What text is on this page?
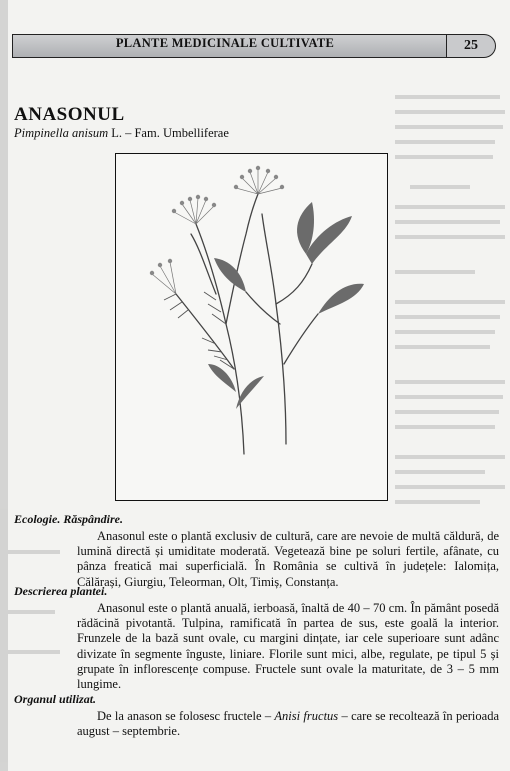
PLANTE MEDICINALE CULTIVATE	25
ANASONUL
Pimpinella anisum L. – Fam. Umbelliferae
Ecologie. Răspândire.
Anasonul este o plantă exclusiv de cultură, care are nevoie de multă căldură, de lumină directă și umiditate moderată. Vegetează bine pe soluri fertile, afânate, cu pânza freatică mai superficială. În România se cultivă în județele: Ialomița, Călărași, Giurgiu, Teleorman, Olt, Timiș, Constanța.
Descrierea plantei.
Anasonul este o plantă anuală, ierboasă, înaltă de 40 – 70 cm. În pământ posedă rădăcină pivotantă. Tulpina, ramificată în partea de sus, este goală la interior. Frunzele de la bază sunt ovale, cu margini dințate, iar cele superioare sunt adânc divizate în segmente înguste, liniare. Florile sunt mici, albe, regulate, pe tipul 5 și grupate în inflorescențe compuse. Fructele sunt ovale la maturitate, de 3 – 5 mm lungime.
Organul utilizat.
De la anason se folosesc fructele – Anisi fructus – care se recoltează în perioada august – septembrie.
